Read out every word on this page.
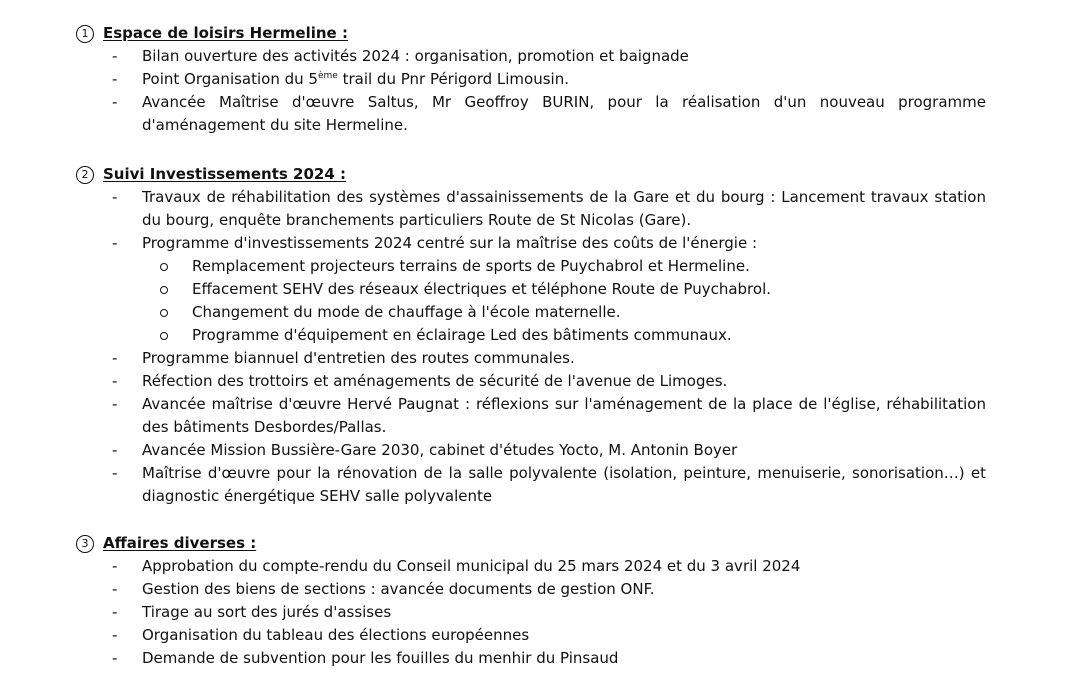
1 Espace de loisirs Hermeline :
- Bilan ouverture des activités 2024 : organisation, promotion et baignade
- Point Organisation du 5ème trail du Pnr Périgord Limousin.
- Avancée Maîtrise d'œuvre Saltus, Mr Geoffroy BURIN, pour la réalisation d'un nouveau programme d'aménagement du site Hermeline.
2 Suivi Investissements 2024 :
- Travaux de réhabilitation des systèmes d'assainissements de la Gare et du bourg : Lancement travaux station du bourg, enquête branchements particuliers Route de St Nicolas (Gare).
- Programme d'investissements 2024 centré sur la maîtrise des coûts de l'énergie :
Remplacement projecteurs terrains de sports de Puychabrol et Hermeline.
Effacement SEHV des réseaux électriques et téléphone Route de Puychabrol.
Changement du mode de chauffage à l'école maternelle.
Programme d'équipement en éclairage Led des bâtiments communaux.
- Programme biannuel d'entretien des routes communales.
- Réfection des trottoirs et aménagements de sécurité de l'avenue de Limoges.
- Avancée maîtrise d'œuvre Hervé Paugnat : réflexions sur l'aménagement de la place de l'église, réhabilitation des bâtiments Desbordes/Pallas.
- Avancée Mission Bussière-Gare 2030, cabinet d'études Yocto, M. Antonin Boyer
- Maîtrise d'œuvre pour la rénovation de la salle polyvalente (isolation, peinture, menuiserie, sonorisation…) et diagnostic énergétique SEHV salle polyvalente
3 Affaires diverses :
- Approbation du compte-rendu du Conseil municipal du 25 mars 2024 et du 3 avril 2024
- Gestion des biens de sections : avancée documents de gestion ONF.
- Tirage au sort des jurés d'assises
- Organisation du tableau des élections européennes
- Demande de subvention pour les fouilles du menhir du Pinsaud
